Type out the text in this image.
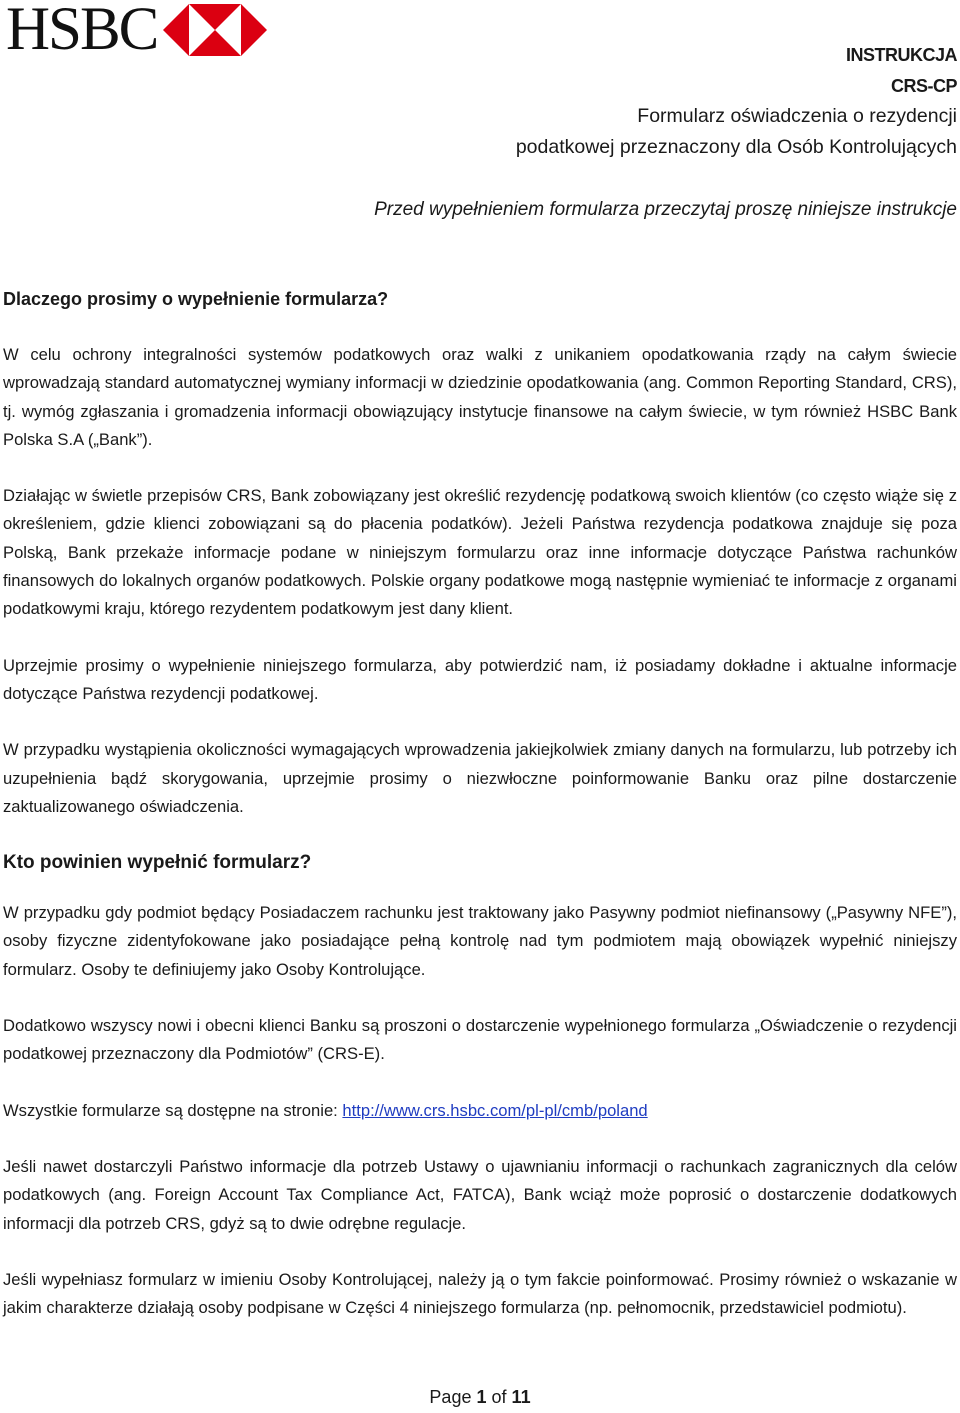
HSBC	INSTRUKCJA
CRS-CP
Formularz oświadczenia o rezydencji
podatkowej przeznaczony dla Osób Kontrolujących
Przed wypełnieniem formularza przeczytaj proszę niniejsze instrukcje
Dlaczego prosimy o wypełnienie formularza?

W celu ochrony integralności systemów podatkowych oraz walki z unikaniem opodatkowania rządy na całym świecie wprowadzają standard automatycznej wymiany informacji w dziedzinie opodatkowania (ang. Common Reporting Standard, CRS), tj. wymóg zgłaszania i gromadzenia informacji obowiązujący instytucje finansowe na całym świecie, w tym również HSBC Bank Polska S.A („Bank”).

Działając w świetle przepisów CRS, Bank zobowiązany jest określić rezydencję podatkową swoich klientów (co często wiąże się z określeniem, gdzie klienci zobowiązani są do płacenia podatków). Jeżeli Państwa rezydencja podatkowa znajduje się poza Polską, Bank przekaże informacje podane w niniejszym formularzu oraz inne informacje dotyczące Państwa rachunków finansowych do lokalnych organów podatkowych. Polskie organy podatkowe mogą następnie wymieniać te informacje z organami podatkowymi kraju, którego rezydentem podatkowym jest dany klient.

Uprzejmie prosimy o wypełnienie niniejszego formularza, aby potwierdzić nam, iż posiadamy dokładne i aktualne informacje dotyczące Państwa rezydencji podatkowej.

W przypadku wystąpienia okoliczności wymagających wprowadzenia jakiejkolwiek zmiany danych na formularzu, lub potrzeby ich uzupełnienia bądź skorygowania, uprzejmie prosimy o niezwłoczne poinformowanie Banku oraz pilne dostarczenie zaktualizowanego oświadczenia.

Kto powinien wypełnić formularz?

W przypadku gdy podmiot będący Posiadaczem rachunku jest traktowany jako Pasywny podmiot niefinansowy („Pasywny NFE”), osoby fizyczne zidentyfokowane jako posiadające pełną kontrolę nad tym podmiotem mają obowiązek wypełnić niniejszy formularz. Osoby te definiujemy jako Osoby Kontrolujące.

Dodatkowo wszyscy nowi i obecni klienci Banku są proszoni o dostarczenie wypełnionego formularza „Oświadczenie o rezydencji podatkowej przeznaczony dla Podmiotów” (CRS-E).

Wszystkie formularze są dostępne na stronie: http://www.crs.hsbc.com/pl-pl/cmb/poland

Jeśli nawet dostarczyli Państwo informacje dla potrzeb Ustawy o ujawnianiu informacji o rachunkach zagranicznych dla celów podatkowych (ang. Foreign Account Tax Compliance Act, FATCA), Bank wciąż może poprosić o dostarczenie dodatkowych informacji dla potrzeb CRS, gdyż są to dwie odrębne regulacje.

Jeśli wypełniasz formularz w imieniu Osoby Kontrolującej, należy ją o tym fakcie poinformować. Prosimy również o wskazanie w jakim charakterze działają osoby podpisane w Części 4 niniejszego formularza (np. pełnomocnik, przedstawiciel podmiotu).

Page 1 of 11
